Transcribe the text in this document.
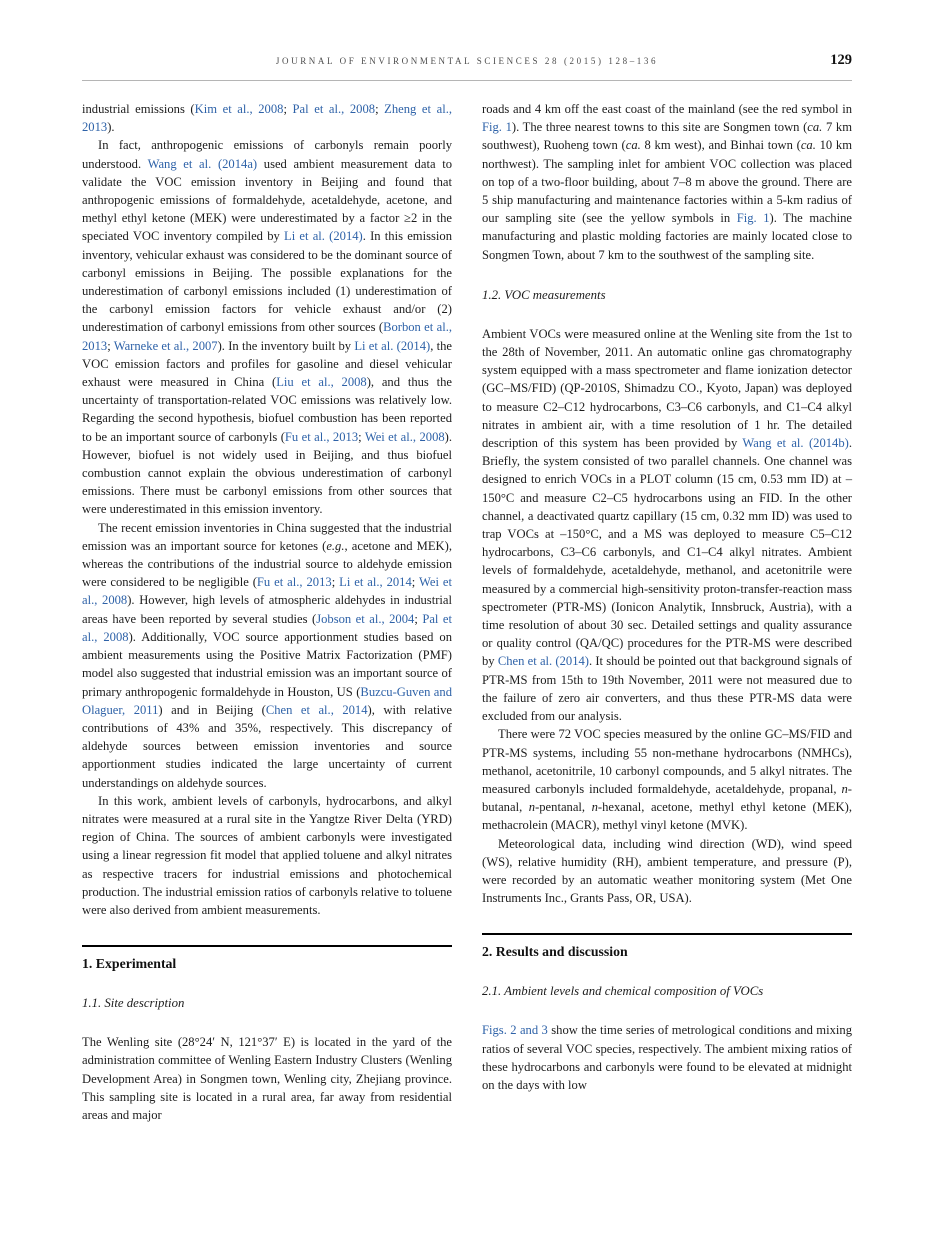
JOURNAL OF ENVIRONMENTAL SCIENCES 28 (2015) 128–136	129

industrial emissions (Kim et al., 2008; Pal et al., 2008; Zheng et al., 2013).

In fact, anthropogenic emissions of carbonyls remain poorly understood. Wang et al. (2014a) used ambient measurement data to validate the VOC emission inventory in Beijing and found that anthropogenic emissions of formaldehyde, acetaldehyde, acetone, and methyl ethyl ketone (MEK) were underestimated by a factor ≥2 in the speciated VOC inventory compiled by Li et al. (2014). In this emission inventory, vehicular exhaust was considered to be the dominant source of carbonyl emissions in Beijing. The possible explanations for the underestimation of carbonyl emissions included (1) underestimation of the carbonyl emission factors for vehicle exhaust and/or (2) underestimation of carbonyl emissions from other sources (Borbon et al., 2013; Warneke et al., 2007). In the inventory built by Li et al. (2014), the VOC emission factors and profiles for gasoline and diesel vehicular exhaust were measured in China (Liu et al., 2008), and thus the uncertainty of transportation-related VOC emissions was relatively low. Regarding the second hypothesis, biofuel combustion has been reported to be an important source of carbonyls (Fu et al., 2013; Wei et al., 2008). However, biofuel is not widely used in Beijing, and thus biofuel combustion cannot explain the obvious underestimation of carbonyl emissions. There must be carbonyl emissions from other sources that were underestimated in this emission inventory.

The recent emission inventories in China suggested that the industrial emission was an important source for ketones (e.g., acetone and MEK), whereas the contributions of the industrial source to aldehyde emission were considered to be negligible (Fu et al., 2013; Li et al., 2014; Wei et al., 2008). However, high levels of atmospheric aldehydes in industrial areas have been reported by several studies (Jobson et al., 2004; Pal et al., 2008). Additionally, VOC source apportionment studies based on ambient measurements using the Positive Matrix Factorization (PMF) model also suggested that industrial emission was an important source of primary anthropogenic formaldehyde in Houston, US (Buzcu-Guven and Olaguer, 2011) and in Beijing (Chen et al., 2014), with relative contributions of 43% and 35%, respectively. This discrepancy of aldehyde sources between emission inventories and source apportionment studies indicated the large uncertainty of current understandings on aldehyde sources.

In this work, ambient levels of carbonyls, hydrocarbons, and alkyl nitrates were measured at a rural site in the Yangtze River Delta (YRD) region of China. The sources of ambient carbonyls were investigated using a linear regression fit model that applied toluene and alkyl nitrates as respective tracers for industrial emissions and photochemical production. The industrial emission ratios of carbonyls relative to toluene were also derived from ambient measurements.

1. Experimental
1.1. Site description

The Wenling site (28°24′ N, 121°37′ E) is located in the yard of the administration committee of Wenling Eastern Industry Clusters (Wenling Development Area) in Songmen town, Wenling city, Zhejiang province. This sampling site is located in a rural area, far away from residential areas and major

roads and 4 km off the east coast of the mainland (see the red symbol in Fig. 1). The three nearest towns to this site are Songmen town (ca. 7 km southwest), Ruoheng town (ca. 8 km west), and Binhai town (ca. 10 km northwest). The sampling inlet for ambient VOC collection was placed on top of a two-floor building, about 7–8 m above the ground. There are 5 ship manufacturing and maintenance factories within a 5-km radius of our sampling site (see the yellow symbols in Fig. 1). The machine manufacturing and plastic molding factories are mainly located close to Songmen Town, about 7 km to the southwest of the sampling site.

1.2. VOC measurements

Ambient VOCs were measured online at the Wenling site from the 1st to the 28th of November, 2011. An automatic online gas chromatography system equipped with a mass spectrometer and flame ionization detector (GC–MS/FID) (QP-2010S, Shimadzu CO., Kyoto, Japan) was deployed to measure C2–C12 hydrocarbons, C3–C6 carbonyls, and C1–C4 alkyl nitrates in ambient air, with a time resolution of 1 hr. The detailed description of this system has been provided by Wang et al. (2014b). Briefly, the system consisted of two parallel channels. One channel was designed to enrich VOCs in a PLOT column (15 cm, 0.53 mm ID) at –150°C and measure C2–C5 hydrocarbons using an FID. In the other channel, a deactivated quartz capillary (15 cm, 0.32 mm ID) was used to trap VOCs at –150°C, and a MS was deployed to measure C5–C12 hydrocarbons, C3–C6 carbonyls, and C1–C4 alkyl nitrates. Ambient levels of formaldehyde, acetaldehyde, methanol, and acetonitrile were measured by a commercial high-sensitivity proton-transfer-reaction mass spectrometer (PTR-MS) (Ionicon Analytik, Innsbruck, Austria), with a time resolution of about 30 sec. Detailed settings and quality assurance or quality control (QA/QC) procedures for the PTR-MS were described by Chen et al. (2014). It should be pointed out that background signals of PTR-MS from 15th to 19th November, 2011 were not measured due to the failure of zero air converters, and thus these PTR-MS data were excluded from our analysis.

There were 72 VOC species measured by the online GC–MS/FID and PTR-MS systems, including 55 non-methane hydrocarbons (NMHCs), methanol, acetonitrile, 10 carbonyl compounds, and 5 alkyl nitrates. The measured carbonyls included formaldehyde, acetaldehyde, propanal, n-butanal, n-pentanal, n-hexanal, acetone, methyl ethyl ketone (MEK), methacrolein (MACR), methyl vinyl ketone (MVK).

Meteorological data, including wind direction (WD), wind speed (WS), relative humidity (RH), ambient temperature, and pressure (P), were recorded by an automatic weather monitoring system (Met One Instruments Inc., Grants Pass, OR, USA).

2. Results and discussion
2.1. Ambient levels and chemical composition of VOCs

Figs. 2 and 3 show the time series of metrological conditions and mixing ratios of several VOC species, respectively. The ambient mixing ratios of these hydrocarbons and carbonyls were found to be elevated at midnight on the days with low
